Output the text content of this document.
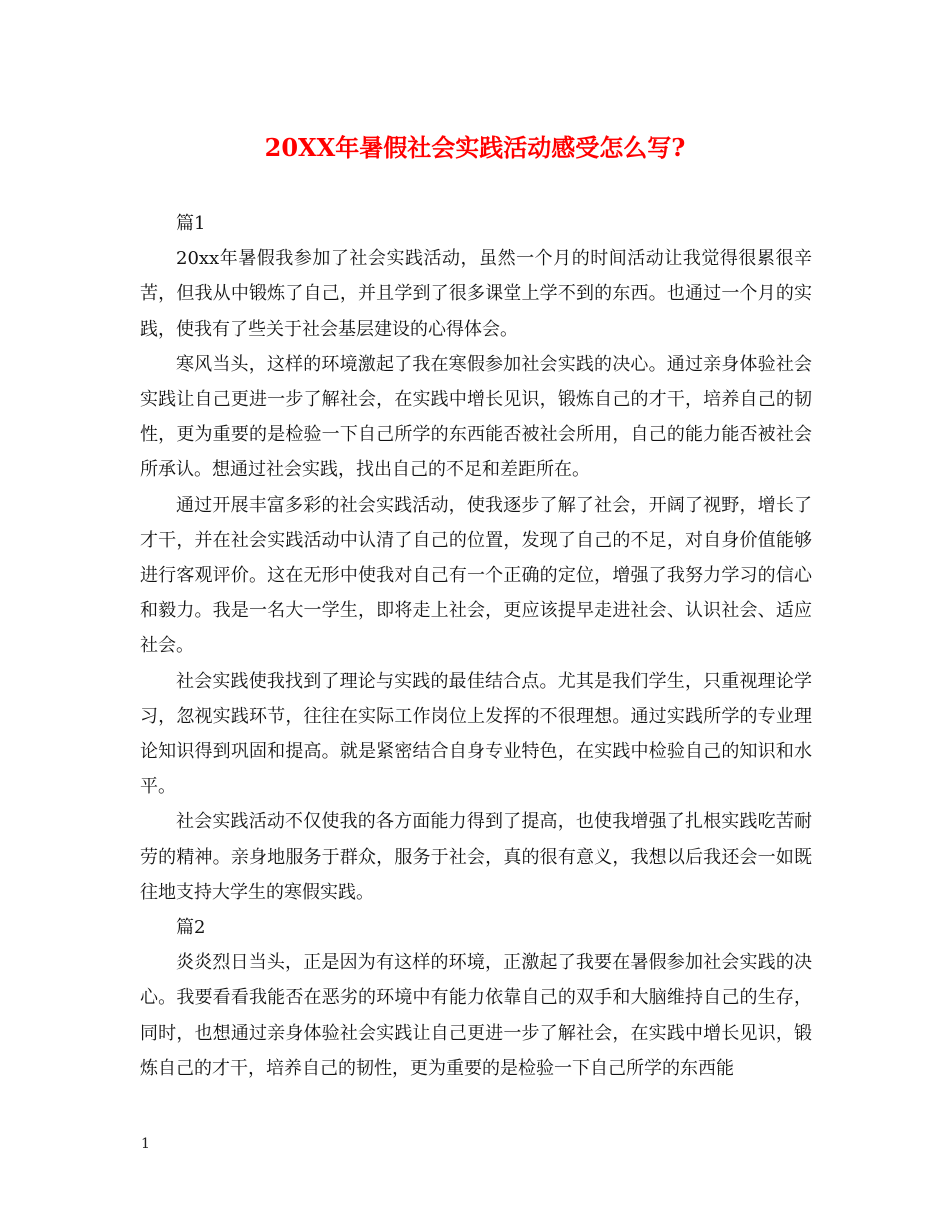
20XX年暑假社会实践活动感受怎么写?

篇1

20xx年暑假我参加了社会实践活动，虽然一个月的时间活动让我觉得很累很辛苦，但我从中锻炼了自己，并且学到了很多课堂上学不到的东西。也通过一个月的实践，使我有了些关于社会基层建设的心得体会。

寒风当头，这样的环境激起了我在寒假参加社会实践的决心。通过亲身体验社会实践让自己更进一步了解社会，在实践中增长见识，锻炼自己的才干，培养自己的韧性，更为重要的是检验一下自己所学的东西能否被社会所用，自己的能力能否被社会所承认。想通过社会实践，找出自己的不足和差距所在。

通过开展丰富多彩的社会实践活动，使我逐步了解了社会，开阔了视野，增长了才干，并在社会实践活动中认清了自己的位置，发现了自己的不足，对自身价值能够进行客观评价。这在无形中使我对自己有一个正确的定位，增强了我努力学习的信心和毅力。我是一名大一学生，即将走上社会，更应该提早走进社会、认识社会、适应社会。

社会实践使我找到了理论与实践的最佳结合点。尤其是我们学生，只重视理论学习，忽视实践环节，往往在实际工作岗位上发挥的不很理想。通过实践所学的专业理论知识得到巩固和提高。就是紧密结合自身专业特色，在实践中检验自己的知识和水平。

社会实践活动不仅使我的各方面能力得到了提高，也使我增强了扎根实践吃苦耐劳的精神。亲身地服务于群众，服务于社会，真的很有意义，我想以后我还会一如既往地支持大学生的寒假实践。

篇2

炎炎烈日当头，正是因为有这样的环境，正激起了我要在暑假参加社会实践的决心。我要看看我能否在恶劣的环境中有能力依靠自己的双手和大脑维持自己的生存，同时，也想通过亲身体验社会实践让自己更进一步了解社会，在实践中增长见识，锻炼自己的才干，培养自己的韧性，更为重要的是检验一下自己所学的东西能

1
